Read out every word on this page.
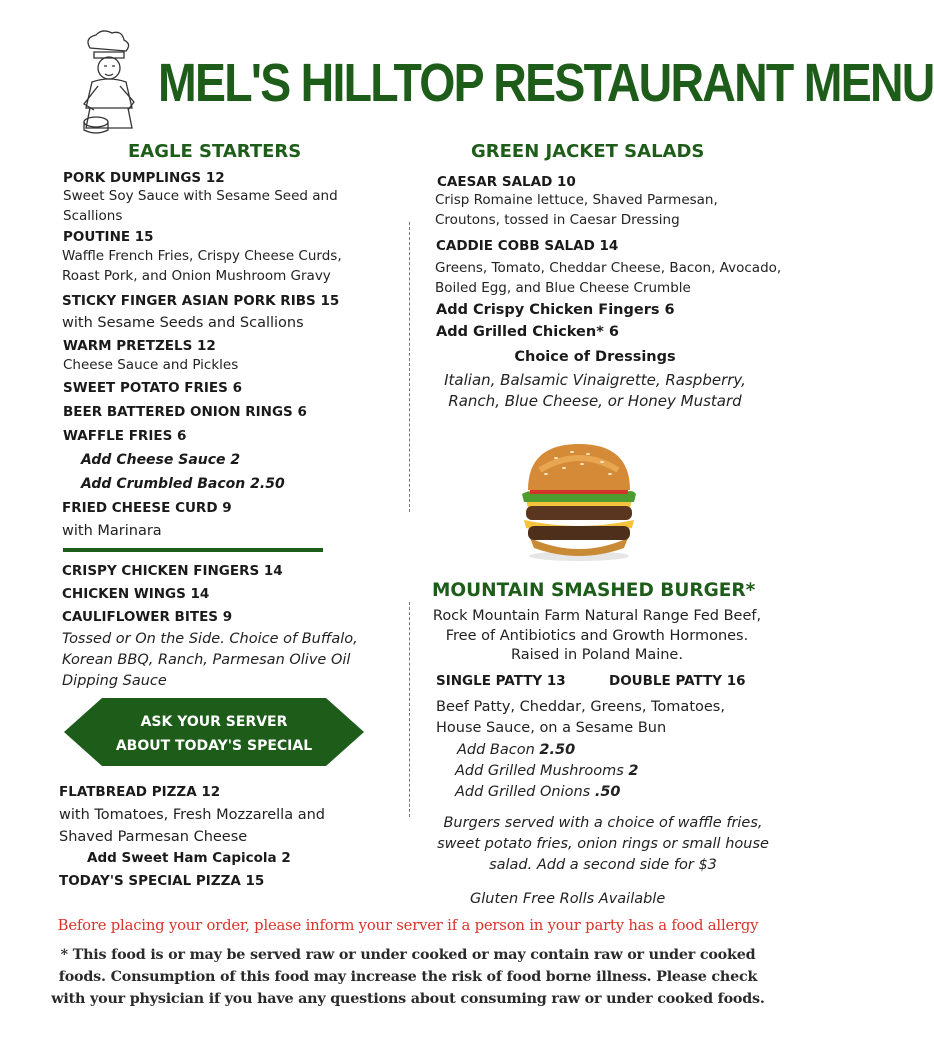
MEL'S HILLTOP RESTAURANT MENU
EAGLE STARTERS
PORK DUMPLINGS 12
Sweet Soy Sauce with Sesame Seed and Scallions
POUTINE 15
Waffle French Fries, Crispy Cheese Curds, Roast Pork, and Onion Mushroom Gravy
STICKY FINGER ASIAN PORK RIBS 15
with Sesame Seeds and Scallions
WARM PRETZELS 12
Cheese Sauce and Pickles
SWEET POTATO FRIES 6
BEER BATTERED ONION RINGS 6
WAFFLE FRIES 6
Add Cheese Sauce 2
Add Crumbled Bacon 2.50
FRIED CHEESE CURD 9
with Marinara
CRISPY CHICKEN FINGERS 14
CHICKEN WINGS 14
CAULIFLOWER BITES 9
Tossed or On the Side. Choice of Buffalo, Korean BBQ, Ranch, Parmesan Olive Oil Dipping Sauce
ASK YOUR SERVER
ABOUT TODAY'S SPECIAL
FLATBREAD PIZZA 12
with Tomatoes, Fresh Mozzarella and Shaved Parmesan Cheese
Add Sweet Ham Capicola 2
TODAY'S SPECIAL PIZZA 15
GREEN JACKET SALADS
CAESAR SALAD 10
Crisp Romaine lettuce, Shaved Parmesan, Croutons, tossed in Caesar Dressing
CADDIE COBB SALAD 14
Greens, Tomato, Cheddar Cheese, Bacon, Avocado, Boiled Egg, and Blue Cheese Crumble
Add Crispy Chicken Fingers 6
Add Grilled Chicken* 6
Choice of Dressings
Italian, Balsamic Vinaigrette, Raspberry, Ranch, Blue Cheese, or Honey Mustard
MOUNTAIN SMASHED BURGER*
Rock Mountain Farm Natural Range Fed Beef, Free of Antibiotics and Growth Hormones. Raised in Poland Maine.
SINGLE PATTY 13	DOUBLE PATTY 16
Beef Patty, Cheddar, Greens, Tomatoes, House Sauce, on a Sesame Bun
Add Bacon 2.50
Add Grilled Mushrooms 2
Add Grilled Onions .50
Burgers served with a choice of waffle fries, sweet potato fries, onion rings or small house salad. Add a second side for $3
Gluten Free Rolls Available
Before placing your order, please inform your server if a person in your party has a food allergy
* This food is or may be served raw or under cooked or may contain raw or under cooked foods. Consumption of this food may increase the risk of food borne illness. Please check with your physician if you have any questions about consuming raw or under cooked foods.
